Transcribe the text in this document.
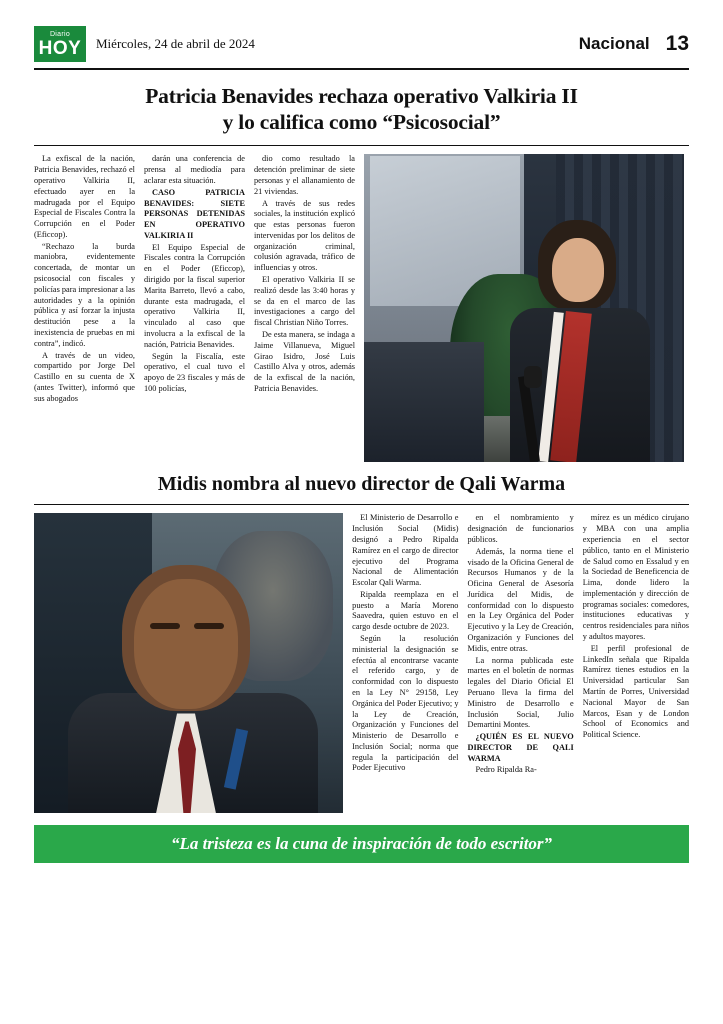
Diario
HOY Miércoles, 24 de abril de 2024	Nacional 13
Patricia Benavides rechaza operativo Valkiria II
y lo califica como “Psicosocial”

La exfiscal de la nación, Patricia Benavides, rechazó el operativo Valkiria II, efectuado ayer en la madrugada por el Equipo Especial de Fiscales Contra la Corrupción en el Poder (Eficcop).

“Rechazo la burda maniobra, evidentemente concertada, de montar un psicosocial con fiscales y policías para impresionar a las autoridades y a la opinión pública y así forzar la injusta destitución pese a la inexistencia de pruebas en mi contra”, indicó.

A través de un video, compartido por Jorge Del Castillo en su cuenta de X (antes Twitter), informó que sus abogados

darán una conferencia de prensa al mediodía para aclarar esta situación.

CASO PATRICIA BENAVIDES: SIETE PERSONAS DETENIDAS EN OPERATIVO VALKIRIA II

El Equipo Especial de Fiscales contra la Corrupción en el Poder (Eficcop), dirigido por la fiscal superior Marita Barreto, llevó a cabo, durante esta madrugada, el operativo Valkiria II, vinculado al caso que involucra a la exfiscal de la nación, Patricia Benavides.

Según la Fiscalía, este operativo, el cual tuvo el apoyo de 23 fiscales y más de 100 policías,

dio como resultado la detención preliminar de siete personas y el allanamiento de 21 viviendas.

A través de sus redes sociales, la institución explicó que estas personas fueron intervenidas por los delitos de organización criminal, colusión agravada, tráfico de influencias y otros.

El operativo Valkiria II se realizó desde las 3:40 horas y se da en el marco de las investigaciones a cargo del fiscal Christian Niño Torres.

De esta manera, se indaga a Jaime Villanueva, Miguel Girao Isidro, José Luis Castillo Alva y otros, además de la exfiscal de la nación, Patricia Benavides.

Midis nombra al nuevo director de Qali Warma

El Ministerio de Desarrollo e Inclusión Social (Midis) designó a Pedro Ripalda Ramírez en el cargo de director ejecutivo del Programa Nacional de Alimentación Escolar Qali Warma.

Ripalda reemplaza en el puesto a María Moreno Saavedra, quien estuvo en el cargo desde octubre de 2023.

Según la resolución ministerial la designación se efectúa al encontrarse vacante el referido cargo, y de conformidad con lo dispuesto en la Ley N° 29158, Ley Orgánica del Poder Ejecutivo; y la Ley de Creación, Organización y Funciones del Ministerio de Desarrollo e Inclusión Social; norma que regula la participación del Poder Ejecutivo

en el nombramiento y designación de funcionarios públicos.

Además, la norma tiene el visado de la Oficina General de Recursos Humanos y de la Oficina General de Asesoría Jurídica del Midis, de conformidad con lo dispuesto en la Ley Orgánica del Poder Ejecutivo y la Ley de Creación, Organización y Funciones del Midis, entre otras.

La norma publicada este martes en el boletín de normas legales del Diario Oficial El Peruano lleva la firma del Ministro de Desarrollo e Inclusión Social, Julio Demartini Montes.

¿QUIÉN ES EL NUEVO DIRECTOR DE QALI WARMA

Pedro Ripalda Ra-

mírez es un médico cirujano y MBA con una amplia experiencia en el sector público, tanto en el Ministerio de Salud como en Essalud y en la Sociedad de Beneficencia de Lima, donde lidero la implementación y dirección de programas sociales: comedores, instituciones educativas y centros residenciales para niños y adultos mayores.

El perfil profesional de LinkedIn señala que Ripalda Ramírez tienes estudios en la Universidad particular San Martín de Porres, Universidad Nacional Mayor de San Marcos, Esan y de London School of Economics and Political Science.

“La tristeza es la cuna de inspiración de todo escritor”
